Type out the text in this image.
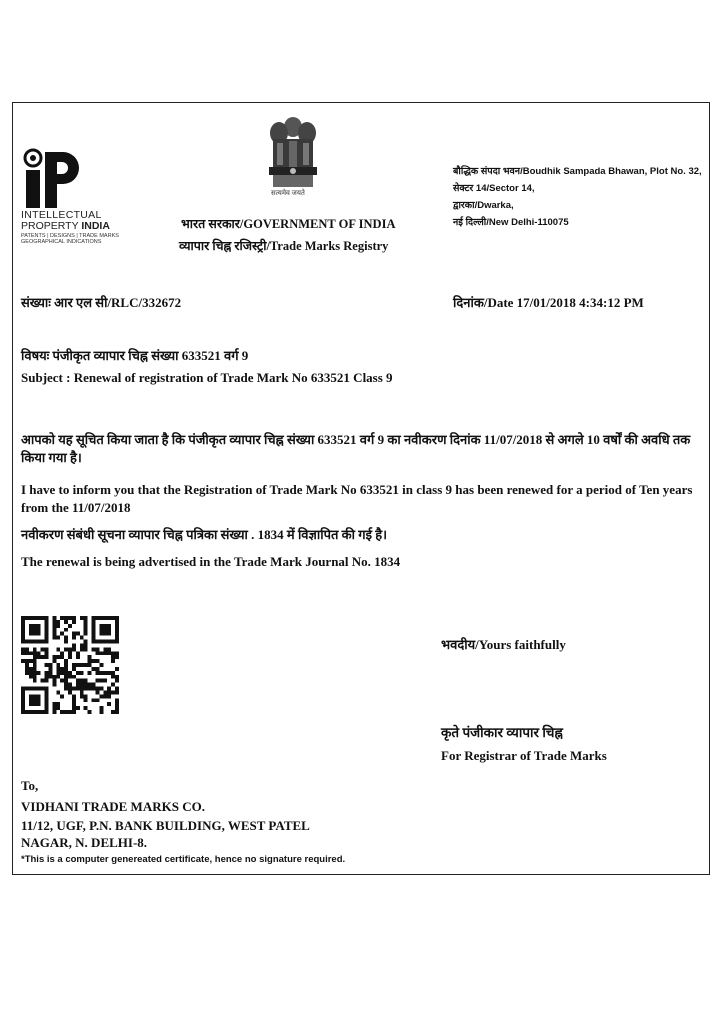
INTELLECTUAL
PROPERTY INDIA
PATENTS | DESIGNS | TRADE MARKS
GEOGRAPHICAL INDICATIONS
सत्यमेव जयते
भारत सरकार/GOVERNMENT OF INDIA
व्यापार चिह्न रजिस्ट्री/Trade Marks Registry
बौद्धिक संपदा भवन/Boudhik Sampada Bhawan, Plot No. 32,
सेक्टर 14/Sector 14,
द्वारका/Dwarka,
नई दिल्ली/New Delhi-110075
संख्याः आर एल सी/RLC/332672	दिनांक/Date 17/01/2018 4:34:12 PM
विषयः पंजीकृत व्यापार चिह्न संख्या 633521 वर्ग 9
Subject : Renewal of registration of Trade Mark No 633521 Class 9
आपको यह सूचित किया जाता है कि पंजीकृत व्यापार चिह्न संख्या 633521 वर्ग 9 का नवीकरण दिनांक 11/07/2018 से अगले 10 वर्षों की अवधि तक किया गया है।
I have to inform you that the Registration of Trade Mark No 633521 in class 9 has been renewed for a period of Ten years from the 11/07/2018
नवीकरण संबंधी सूचना व्यापार चिह्न पत्रिका संख्या . 1834 में विज्ञापित की गई है।
The renewal is being advertised in the Trade Mark Journal No. 1834
भवदीय/Yours faithfully
कृते पंजीकार व्यापार चिह्न
For Registrar of Trade Marks
To,
VIDHANI TRADE MARKS CO.
11/12, UGF, P.N. BANK BUILDING, WEST PATEL
NAGAR, N. DELHI-8.
*This is a computer genereated certificate, hence no signature required.
